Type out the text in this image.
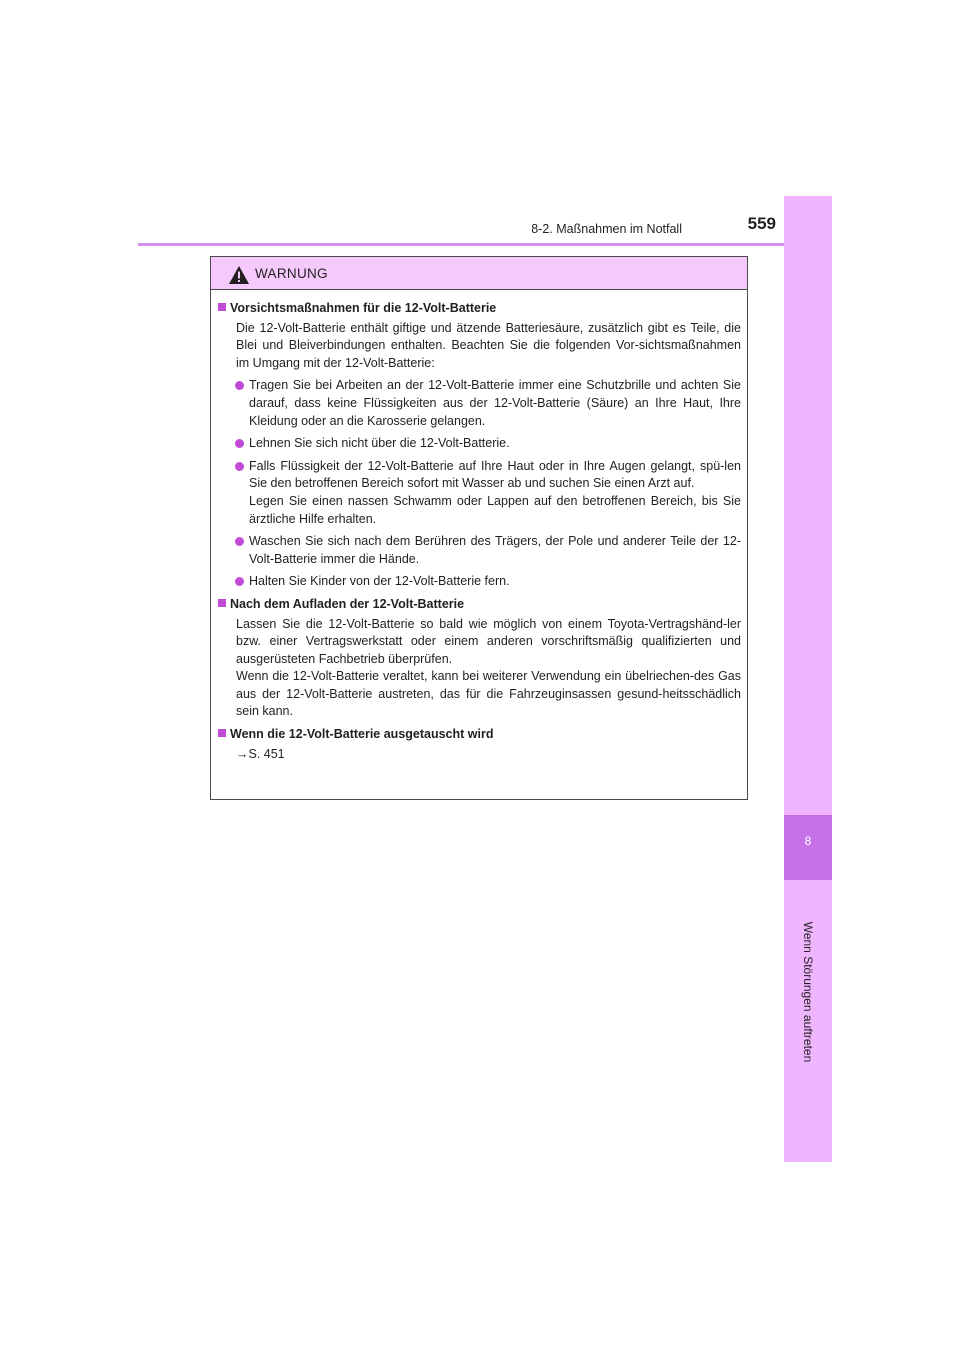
8-2. Maßnahmen im Notfall	559
8
Wenn Störungen auftreten
WARNUNG

Vorsichtsmaßnahmen für die 12-Volt-Batterie

Die 12-Volt-Batterie enthält giftige und ätzende Batteriesäure, zusätzlich gibt es Teile, die Blei und Bleiverbindungen enthalten. Beachten Sie die folgenden Vor-sichtsmaßnahmen im Umgang mit der 12-Volt-Batterie:

Tragen Sie bei Arbeiten an der 12-Volt-Batterie immer eine Schutzbrille und achten Sie darauf, dass keine Flüssigkeiten aus der 12-Volt-Batterie (Säure) an Ihre Haut, Ihre Kleidung oder an die Karosserie gelangen.

Lehnen Sie sich nicht über die 12-Volt-Batterie.

Falls Flüssigkeit der 12-Volt-Batterie auf Ihre Haut oder in Ihre Augen gelangt, spü-len Sie den betroffenen Bereich sofort mit Wasser ab und suchen Sie einen Arzt auf.
Legen Sie einen nassen Schwamm oder Lappen auf den betroffenen Bereich, bis Sie ärztliche Hilfe erhalten.

Waschen Sie sich nach dem Berühren des Trägers, der Pole und anderer Teile der 12-Volt-Batterie immer die Hände.

Halten Sie Kinder von der 12-Volt-Batterie fern.

Nach dem Aufladen der 12-Volt-Batterie

Lassen Sie die 12-Volt-Batterie so bald wie möglich von einem Toyota-Vertragshänd-ler bzw. einer Vertragswerkstatt oder einem anderen vorschriftsmäßig qualifizierten und ausgerüsteten Fachbetrieb überprüfen.

Wenn die 12-Volt-Batterie veraltet, kann bei weiterer Verwendung ein übelriechen-des Gas aus der 12-Volt-Batterie austreten, das für die Fahrzeuginsassen gesund-heitsschädlich sein kann.

Wenn die 12-Volt-Batterie ausgetauscht wird

→S. 451
